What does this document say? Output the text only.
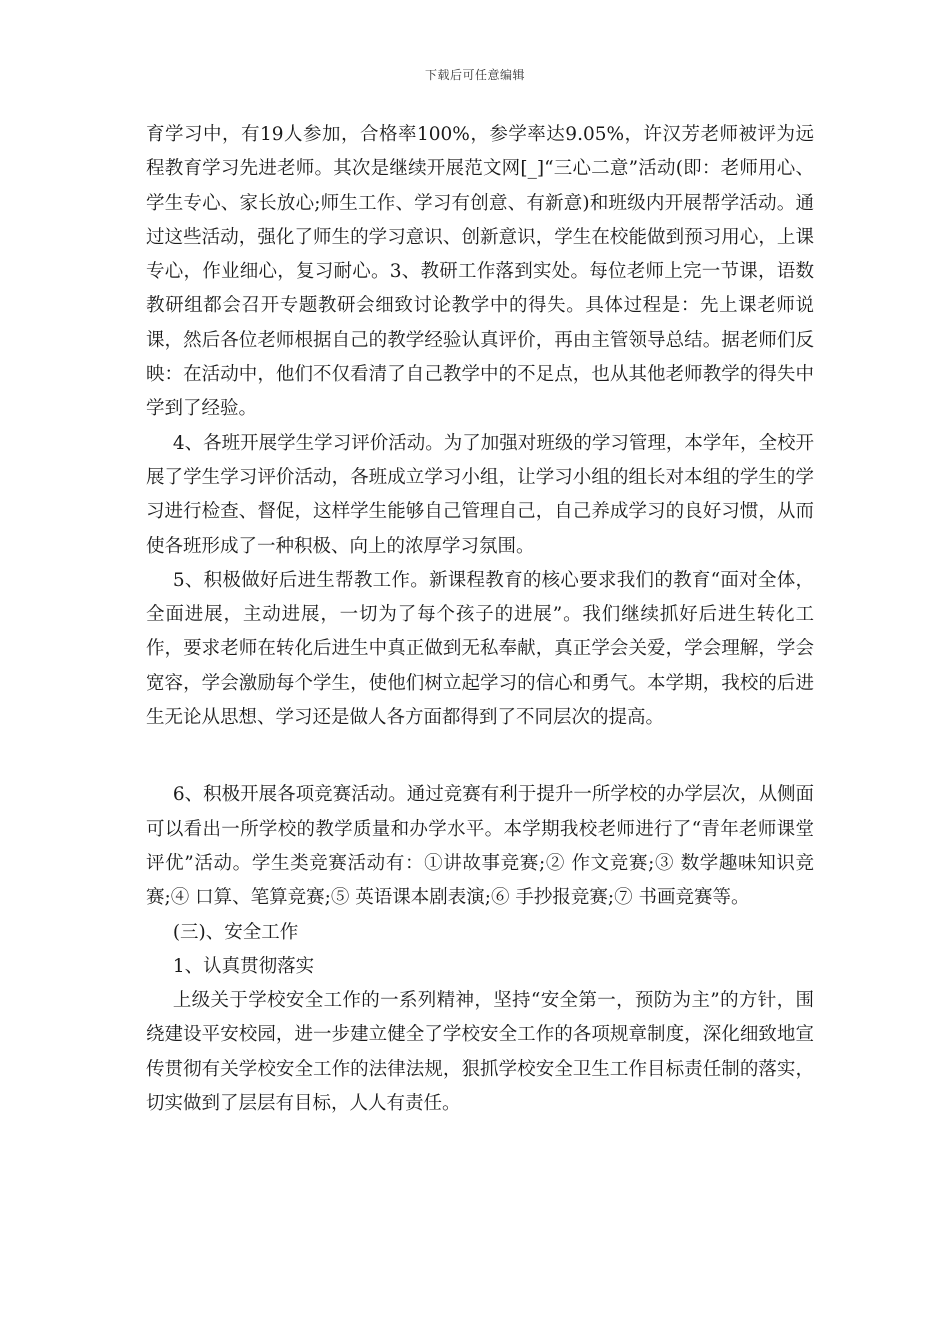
下载后可任意编辑

育学习中，有19人参加，合格率100%，参学率达9.05%，许汉芳老师被评为远程教育学习先进老师。其次是继续开展范文网[_]“三心二意”活动(即：老师用心、学生专心、家长放心;师生工作、学习有创意、有新意)和班级内开展帮学活动。通过这些活动，强化了师生的学习意识、创新意识，学生在校能做到预习用心，上课专心，作业细心，复习耐心。3、教研工作落到实处。每位老师上完一节课，语数教研组都会召开专题教研会细致讨论教学中的得失。具体过程是：先上课老师说课，然后各位老师根据自己的教学经验认真评价，再由主管领导总结。据老师们反映：在活动中，他们不仅看清了自己教学中的不足点，也从其他老师教学的得失中学到了经验。

4、各班开展学生学习评价活动。为了加强对班级的学习管理，本学年，全校开展了学生学习评价活动，各班成立学习小组，让学习小组的组长对本组的学生的学习进行检查、督促，这样学生能够自己管理自己，自己养成学习的良好习惯，从而使各班形成了一种积极、向上的浓厚学习氛围。

5、积极做好后进生帮教工作。新课程教育的核心要求我们的教育“面对全体，全面进展，主动进展，一切为了每个孩子的进展”。我们继续抓好后进生转化工作，要求老师在转化后进生中真正做到无私奉献，真正学会关爱，学会理解，学会宽容，学会激励每个学生，使他们树立起学习的信心和勇气。本学期，我校的后进生无论从思想、学习还是做人各方面都得到了不同层次的提高。

6、积极开展各项竞赛活动。通过竞赛有利于提升一所学校的办学层次，从侧面可以看出一所学校的教学质量和办学水平。本学期我校老师进行了“青年老师课堂评优”活动。学生类竞赛活动有：①讲故事竞赛;② 作文竞赛;③ 数学趣味知识竞赛;④ 口算、笔算竞赛;⑤ 英语课本剧表演;⑥ 手抄报竞赛;⑦ 书画竞赛等。

(三)、安全工作

1、认真贯彻落实

上级关于学校安全工作的一系列精神，坚持“安全第一，预防为主”的方针，围绕建设平安校园，进一步建立健全了学校安全工作的各项规章制度，深化细致地宣传贯彻有关学校安全工作的法律法规，狠抓学校安全卫生工作目标责任制的落实，切实做到了层层有目标，人人有责任。
